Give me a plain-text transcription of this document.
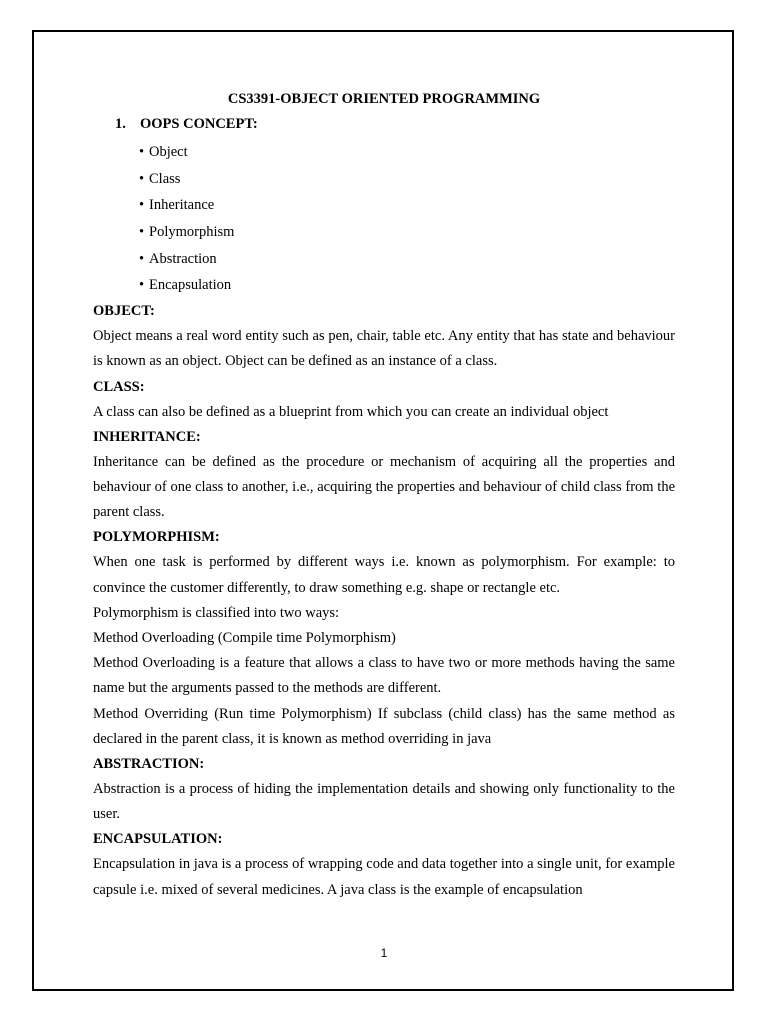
CS3391-OBJECT ORIENTED PROGRAMMING
1. OOPS CONCEPT:
• Object
• Class
• Inheritance
• Polymorphism
• Abstraction
• Encapsulation

OBJECT:

Object means a real word entity such as pen, chair, table etc. Any entity that has state and behaviour is known as an object. Object can be defined as an instance of a class.

CLASS:

A class can also be defined as a blueprint from which you can create an individual object

INHERITANCE:

Inheritance can be defined as the procedure or mechanism of acquiring all the properties and behaviour of one class to another, i.e., acquiring the properties and behaviour of child class from the parent class.

POLYMORPHISM:

When one task is performed by different ways i.e. known as polymorphism. For example: to convince the customer differently, to draw something e.g. shape or rectangle etc.

Polymorphism is classified into two ways:

Method Overloading (Compile time Polymorphism)

Method Overloading is a feature that allows a class to have two or more methods having the same name but the arguments passed to the methods are different.

Method Overriding (Run time Polymorphism) If subclass (child class) has the same method as declared in the parent class, it is known as method overriding in java

ABSTRACTION:

Abstraction is a process of hiding the implementation details and showing only functionality to the user.

ENCAPSULATION:

Encapsulation in java is a process of wrapping code and data together into a single unit, for example capsule i.e. mixed of several medicines. A java class is the example of encapsulation

1
